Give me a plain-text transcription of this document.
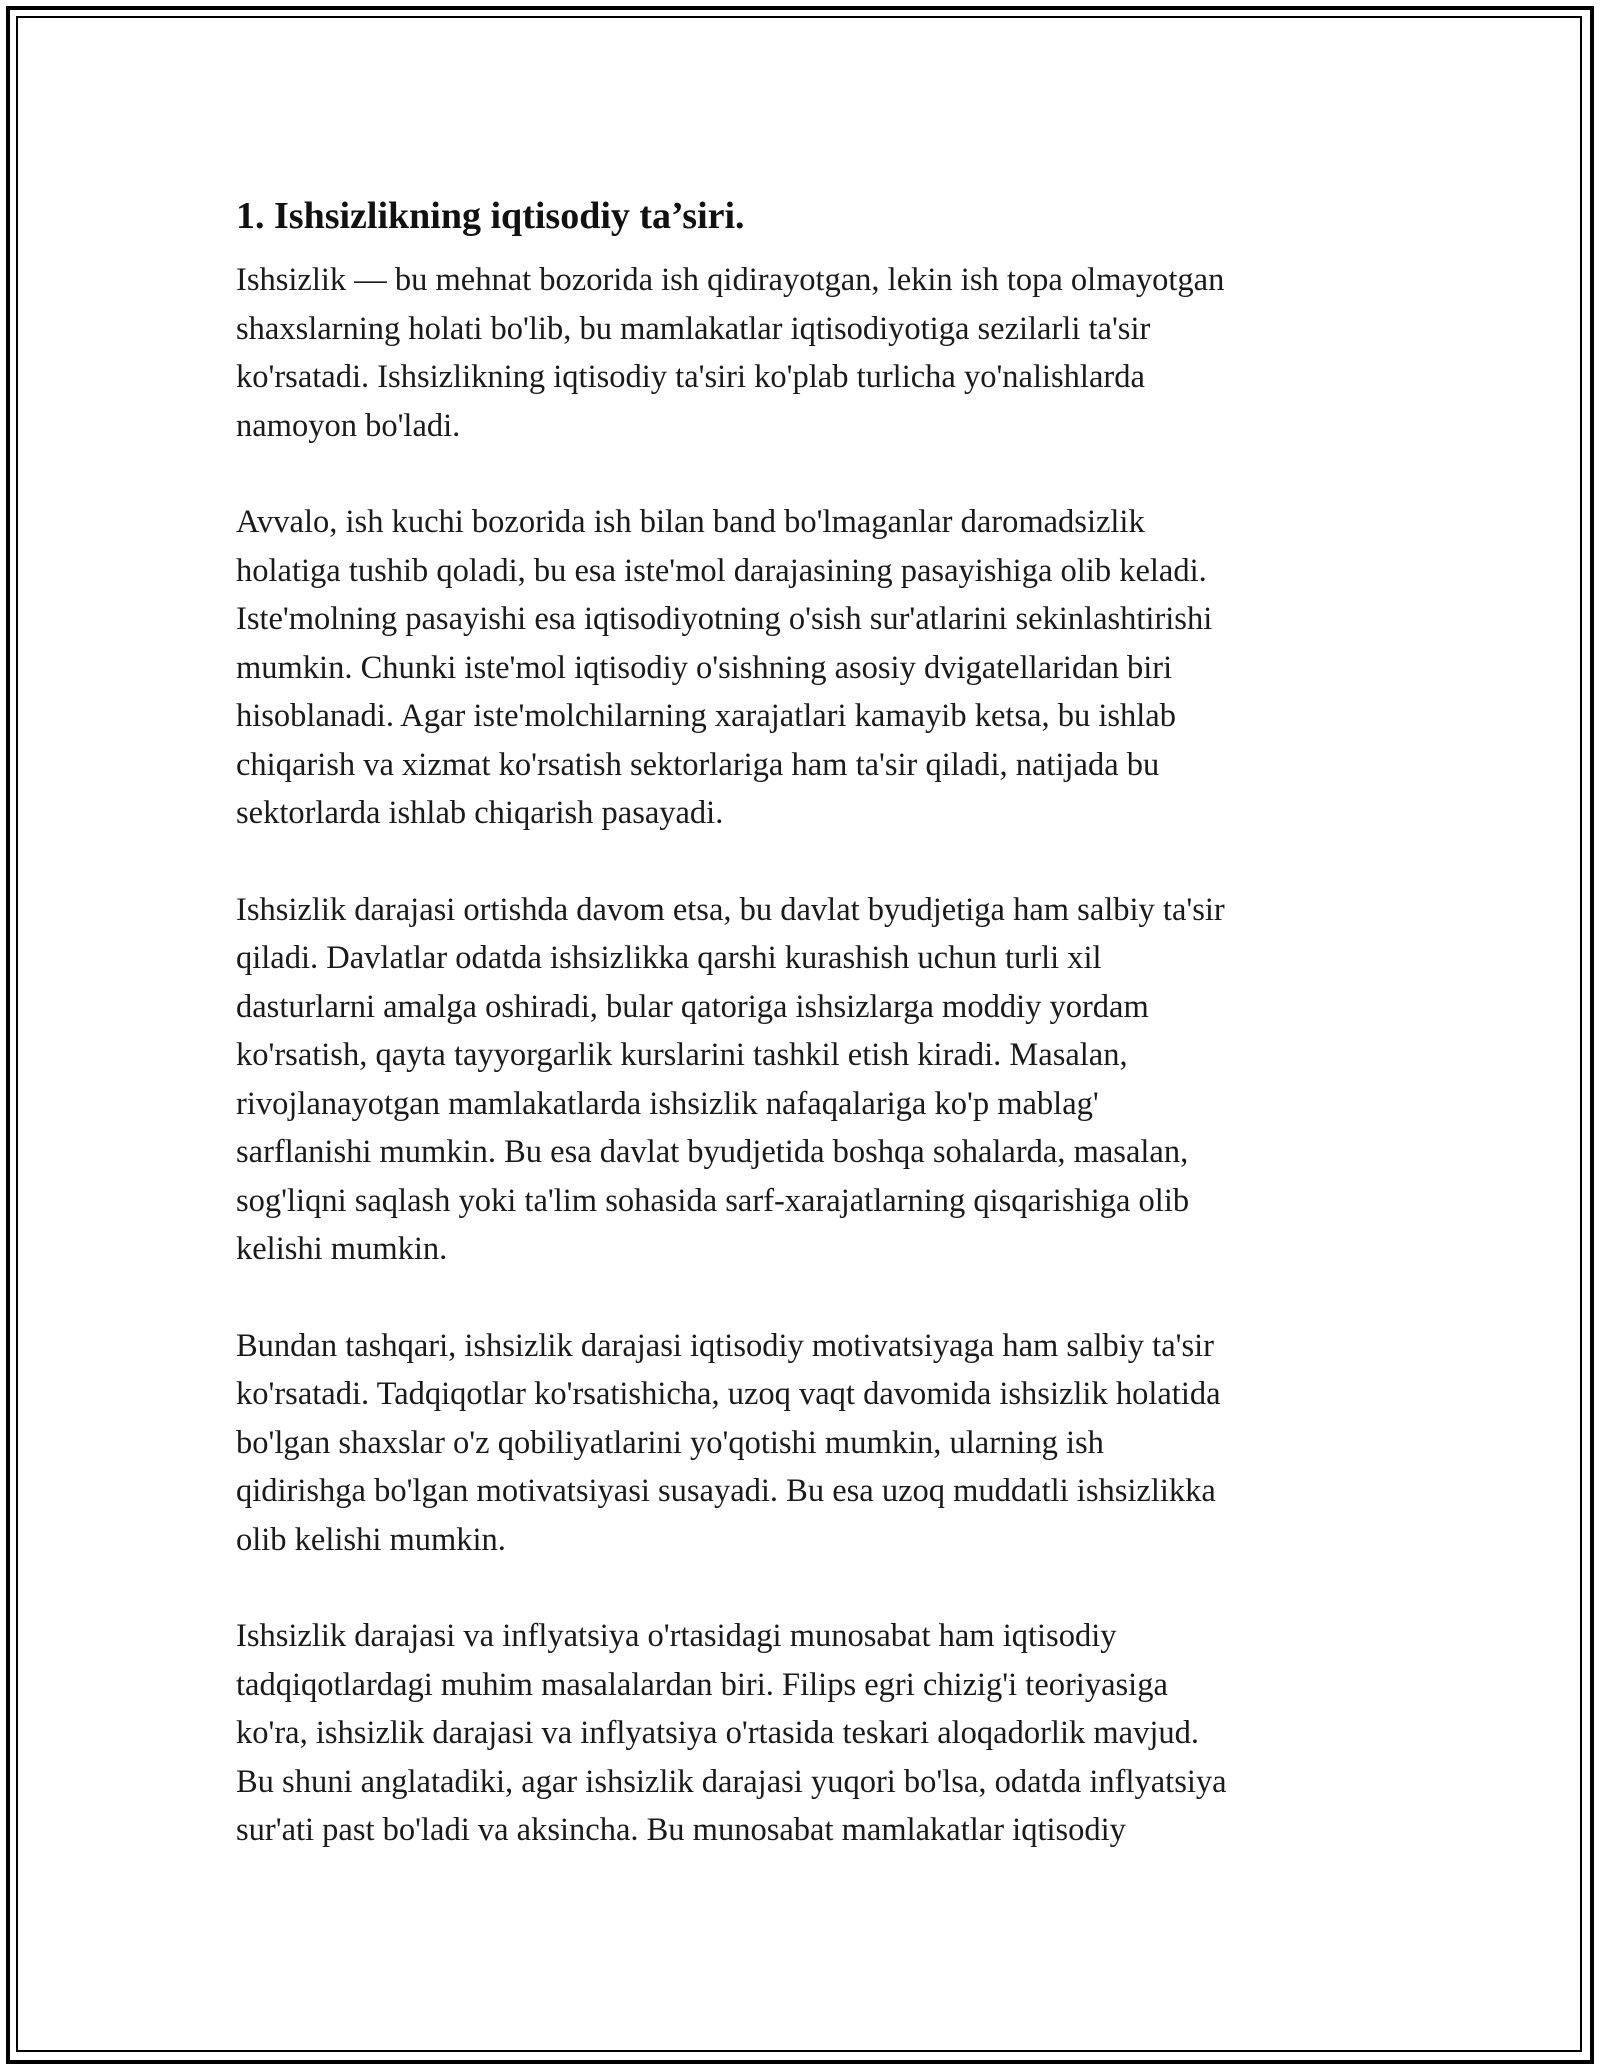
1. Ishsizlikning iqtisodiy ta’siri.

Ishsizlik — bu mehnat bozorida ish qidirayotgan, lekin ish topa olmayotgan
shaxslarning holati bo'lib, bu mamlakatlar iqtisodiyotiga sezilarli ta'sir
ko'rsatadi. Ishsizlikning iqtisodiy ta'siri ko'plab turlicha yo'nalishlarda
namoyon bo'ladi.

Avvalo, ish kuchi bozorida ish bilan band bo'lmaganlar daromadsizlik
holatiga tushib qoladi, bu esa iste'mol darajasining pasayishiga olib keladi.
Iste'molning pasayishi esa iqtisodiyotning o'sish sur'atlarini sekinlashtirishi
mumkin. Chunki iste'mol iqtisodiy o'sishning asosiy dvigatellaridan biri
hisoblanadi. Agar iste'molchilarning xarajatlari kamayib ketsa, bu ishlab
chiqarish va xizmat ko'rsatish sektorlariga ham ta'sir qiladi, natijada bu
sektorlarda ishlab chiqarish pasayadi.

Ishsizlik darajasi ortishda davom etsa, bu davlat byudjetiga ham salbiy ta'sir
qiladi. Davlatlar odatda ishsizlikka qarshi kurashish uchun turli xil
dasturlarni amalga oshiradi, bular qatoriga ishsizlarga moddiy yordam
ko'rsatish, qayta tayyorgarlik kurslarini tashkil etish kiradi. Masalan,
rivojlanayotgan mamlakatlarda ishsizlik nafaqalariga ko'p mablag'
sarflanishi mumkin. Bu esa davlat byudjetida boshqa sohalarda, masalan,
sog'liqni saqlash yoki ta'lim sohasida sarf-xarajatlarning qisqarishiga olib
kelishi mumkin.

Bundan tashqari, ishsizlik darajasi iqtisodiy motivatsiyaga ham salbiy ta'sir
ko'rsatadi. Tadqiqotlar ko'rsatishicha, uzoq vaqt davomida ishsizlik holatida
bo'lgan shaxslar o'z qobiliyatlarini yo'qotishi mumkin, ularning ish
qidirishga bo'lgan motivatsiyasi susayadi. Bu esa uzoq muddatli ishsizlikka
olib kelishi mumkin.

Ishsizlik darajasi va inflyatsiya o'rtasidagi munosabat ham iqtisodiy
tadqiqotlardagi muhim masalalardan biri. Filips egri chizig'i teoriyasiga
ko'ra, ishsizlik darajasi va inflyatsiya o'rtasida teskari aloqadorlik mavjud.
Bu shuni anglatadiki, agar ishsizlik darajasi yuqori bo'lsa, odatda inflyatsiya
sur'ati past bo'ladi va aksincha. Bu munosabat mamlakatlar iqtisodiy
